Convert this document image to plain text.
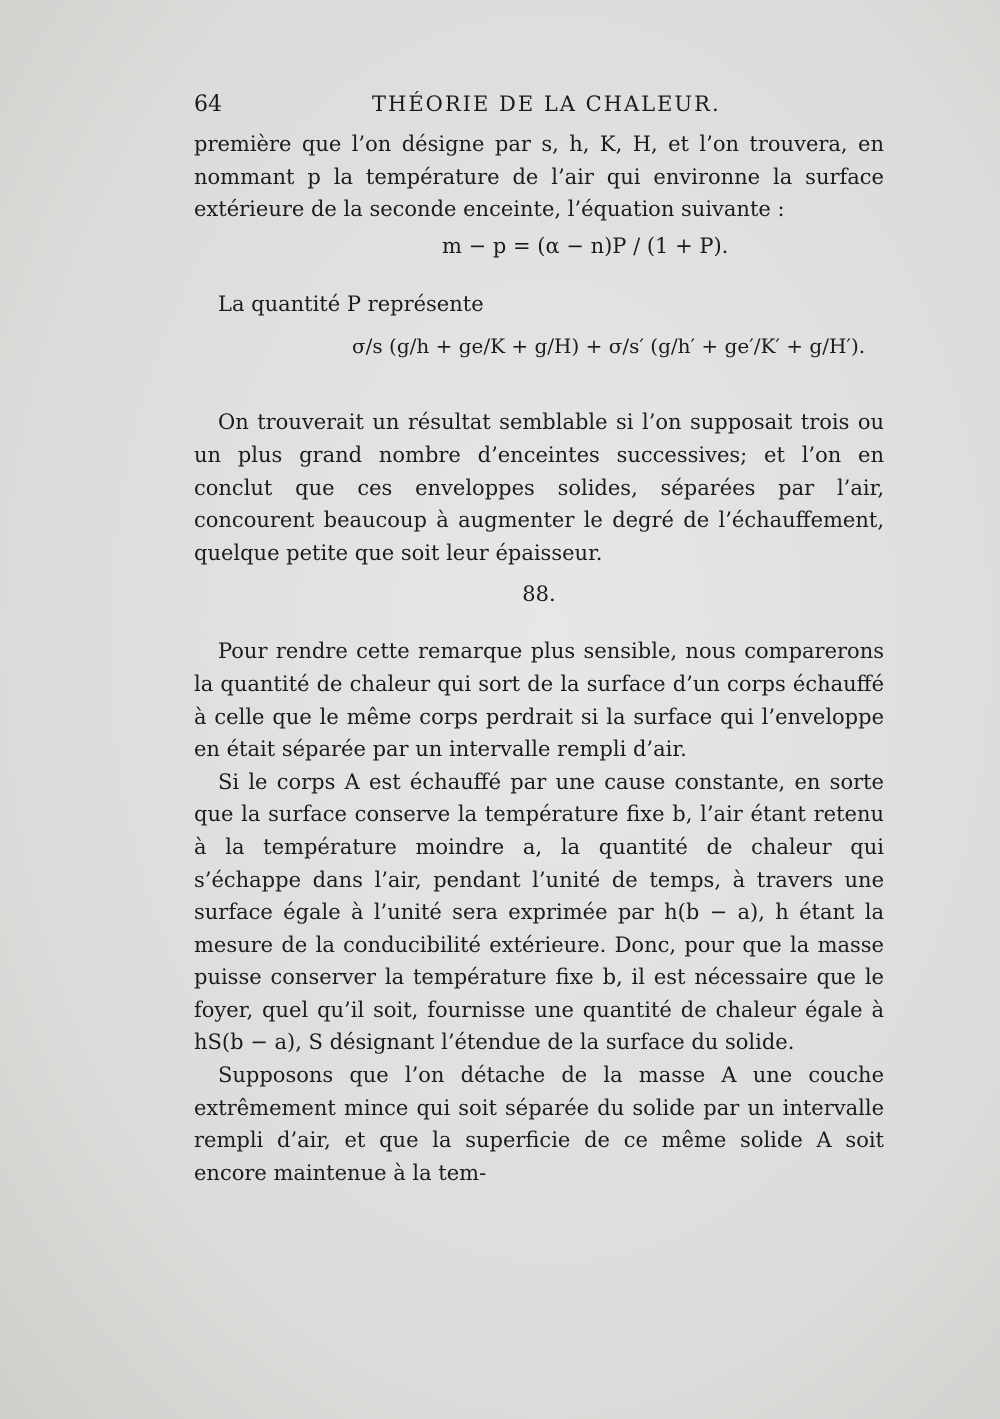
64	THÉORIE DE LA CHALEUR.

première que l’on désigne par s, h, K, H, et l’on trouvera, en nommant p la température de l’air qui environne la surface extérieure de la seconde enceinte, l’équation suivante :

m − p = (α − n)P / (1 + P).

La quantité P représente

σ/s (g/h + ge/K + g/H) + σ/s′ (g/h′ + ge′/K′ + g/H′).

On trouverait un résultat semblable si l’on supposait trois ou un plus grand nombre d’enceintes successives; et l’on en conclut que ces enveloppes solides, séparées par l’air, concourent beaucoup à augmenter le degré de l’échauffement, quelque petite que soit leur épaisseur.

88.

Pour rendre cette remarque plus sensible, nous comparerons la quantité de chaleur qui sort de la surface d’un corps échauffé à celle que le même corps perdrait si la surface qui l’enveloppe en était séparée par un intervalle rempli d’air.

Si le corps A est échauffé par une cause constante, en sorte que la surface conserve la température fixe b, l’air étant retenu à la température moindre a, la quantité de chaleur qui s’échappe dans l’air, pendant l’unité de temps, à travers une surface égale à l’unité sera exprimée par h(b − a), h étant la mesure de la conducibilité extérieure. Donc, pour que la masse puisse conserver la température fixe b, il est nécessaire que le foyer, quel qu’il soit, fournisse une quantité de chaleur égale à hS(b − a), S désignant l’étendue de la surface du solide.

Supposons que l’on détache de la masse A une couche extrêmement mince qui soit séparée du solide par un intervalle rempli d’air, et que la superficie de ce même solide A soit encore maintenue à la tem-
